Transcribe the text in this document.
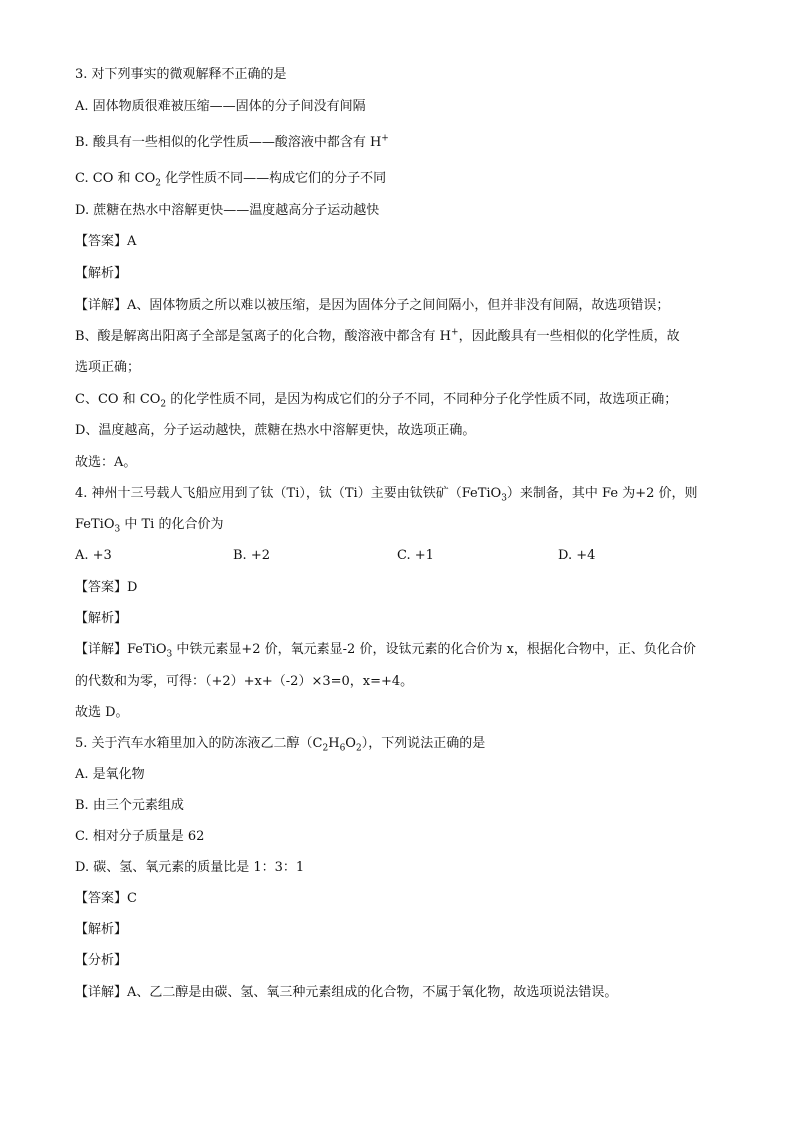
3. 对下列事实的微观解释不正确的是
A. 固体物质很难被压缩——固体的分子间没有间隔
B. 酸具有一些相似的化学性质——酸溶液中都含有 H+
C. CO 和 $CO_2$ 化学性质不同——构成它们的分子不同
D. 蔗糖在热水中溶解更快——温度越高分子运动越快
【答案】A
【解析】
【详解】A、固体物质之所以难以被压缩，是因为固体分子之间间隔小，但并非没有间隔，故选项错误；
B、酸是解离出阳离子全部是氢离子的化合物，酸溶液中都含有 H+，因此酸具有一些相似的化学性质，故
选项正确；
C、CO 和 $CO_2$ 的化学性质不同，是因为构成它们的分子不同，不同种分子化学性质不同，故选项正确；
D、温度越高，分子运动越快，蔗糖在热水中溶解更快，故选项正确。
故选：A。
4. 神州十三号载人飞船应用到了钛（Ti），钛（Ti）主要由钛铁矿（FeTiO$_3$）来制备，其中 Fe 为+2 价，则
FeTiO$_3$ 中 Ti 的化合价为
A. +3	B. +2	C. +1	D. +4
【答案】D
【解析】
【详解】FeTiO$_3$ 中铁元素显+2 价，氧元素显-2 价，设钛元素的化合价为 x，根据化合物中，正、负化合价
的代数和为零，可得：（+2）+x+（-2）×3=0，x=+4。
故选 D。
5. 关于汽车水箱里加入的防冻液乙二醇$(C_2H_6O_2)$，下列说法正确的是
A. 是氧化物
B. 由三个元素组成
C. 相对分子质量是 62
D. 碳、氢、氧元素的质量比是 1：3：1
【答案】C
【解析】
【分析】
【详解】A、乙二醇是由碳、氢、氧三种元素组成的化合物，不属于氧化物，故选项说法错误。
